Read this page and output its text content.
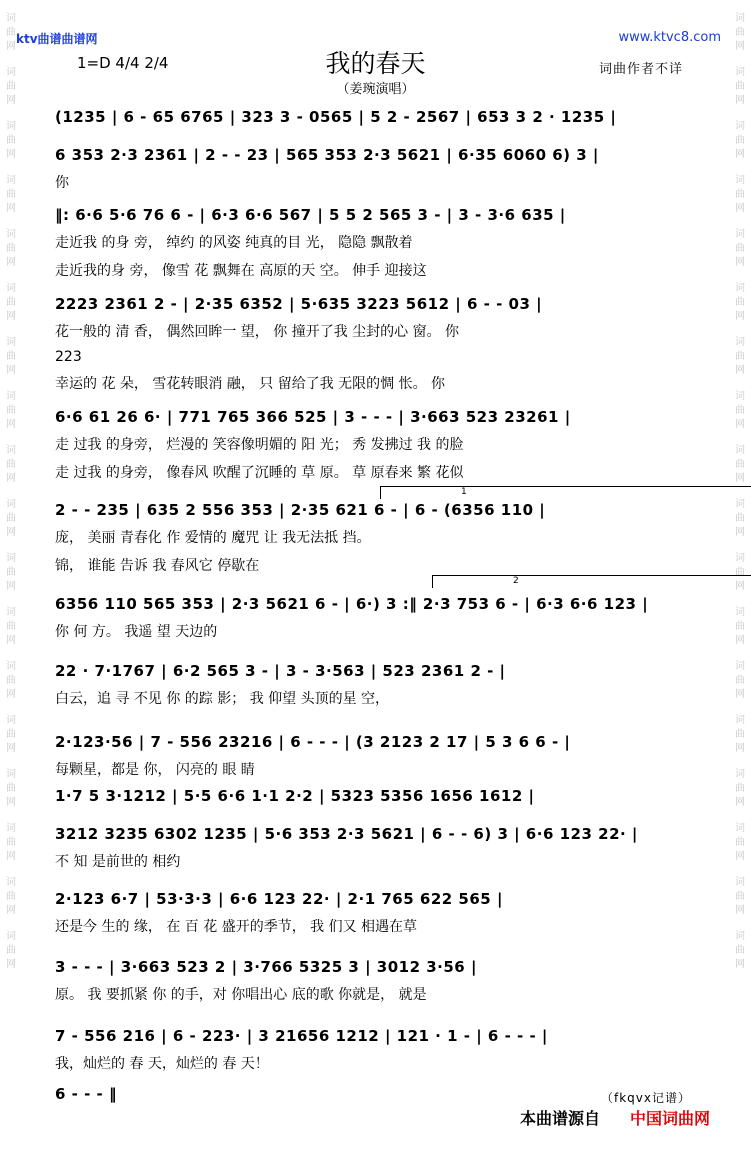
词曲网
词曲网
词曲网
词曲网
词曲网
词曲网
词曲网
词曲网
词曲网
词曲网
词曲网
词曲网
词曲网
词曲网
词曲网
词曲网
词曲网
词曲网
词曲网
词曲网
词曲网
词曲网
词曲网
词曲网
词曲网
词曲网
词曲网
词曲网
词曲网
词曲网
词曲网
词曲网
词曲网
词曲网
词曲网
词曲网
ktv曲谱曲谱网	www.ktvc8.com
1=D 4/4 2/4	我的春天
（姜琬演唱）
词曲作者不详
(1235 | 6 - 65 6765 | 323 3 - 0565 | 5 2 - 2567 | 653 3 2 · 1235 |
6 353 2·3 2361 | 2 - - 23 | 565 353 2·3 5621 | 6·35 6060 6) 3 |
你
‖: 6·6 5·6 76 6 - | 6·3 6·6 567 | 5 5 2 565 3 - | 3 - 3·6 635 |
走近我 的身 旁， 绰约 的风姿 纯真的目 光， 隐隐 飘散着
走近我的身 旁， 像雪 花 飘舞在 高原的天 空。 伸手 迎接这
2223 2361 2 - | 2·35 6352 | 5·635 3223 5612 | 6 - - 03 |
花一般的 清 香， 偶然回眸一 望， 你 撞开了我 尘封的心 窗。 你
223
幸运的 花 朵， 雪花转眼消 融， 只 留给了我 无限的惆 怅。 你
6·6 61 26 6· | 771 765 366 525 | 3 - - - | 3·663 523 23261 |
走 过我 的身旁， 烂漫的 笑容像明媚的 阳 光； 秀 发拂过 我 的脸
走 过我 的身旁， 像春风 吹醒了沉睡的 草 原。 草 原春来 繁 花似
2 - - 235 | 635 2 556 353 | 2·35 621 6 - | 6 - (6356 110 |
庞， 美丽 青春化 作 爱情的 魔咒 让 我无法抵 挡。
锦， 谁能 告诉 我 春风它 停歇在
6356 110 565 353 | 2·3 5621 6 - | 6·) 3 :‖ 2·3 753 6 - | 6·3 6·6 123 |
你 何 方。 我遥 望 天边的
22 · 7·1767 | 6·2 565 3 - | 3 - 3·563 | 523 2361 2 - |
白云，追 寻 不见 你 的踪 影； 我 仰望 头顶的星 空，
2·123·56 | 7 - 556 23216 | 6 - - - | (3 2123 2 17 | 5 3 6 6 - |
每颗星，都是 你， 闪亮的 眼 睛
1·7 5 3·1212 | 5·5 6·6 1·1 2·2 | 5323 5356 1656 1612 |
3212 3235 6302 1235 | 5·6 353 2·3 5621 | 6 - - 6) 3 | 6·6 123 22· |
不 知 是前世的 相约
2·123 6·7 | 53·3·3 | 6·6 123 22· | 2·1 765 622 565 |
还是今 生的 缘， 在 百 花 盛开的季节， 我 们又 相遇在草
3 - - - | 3·663 523 2 | 3·766 5325 3 | 3012 3·56 |
原。 我 要抓紧 你 的手，对 你唱出心 底的歌 你就是， 就是
7 - 556 216 | 6 - 223· | 3 21656 1212 | 121 · 1 - | 6 - - - |
我，灿烂的 春 天，灿烂的 春 天！
6 - - - ‖
1
2
（fkqvx记谱）
本曲谱源自 中国词曲网
